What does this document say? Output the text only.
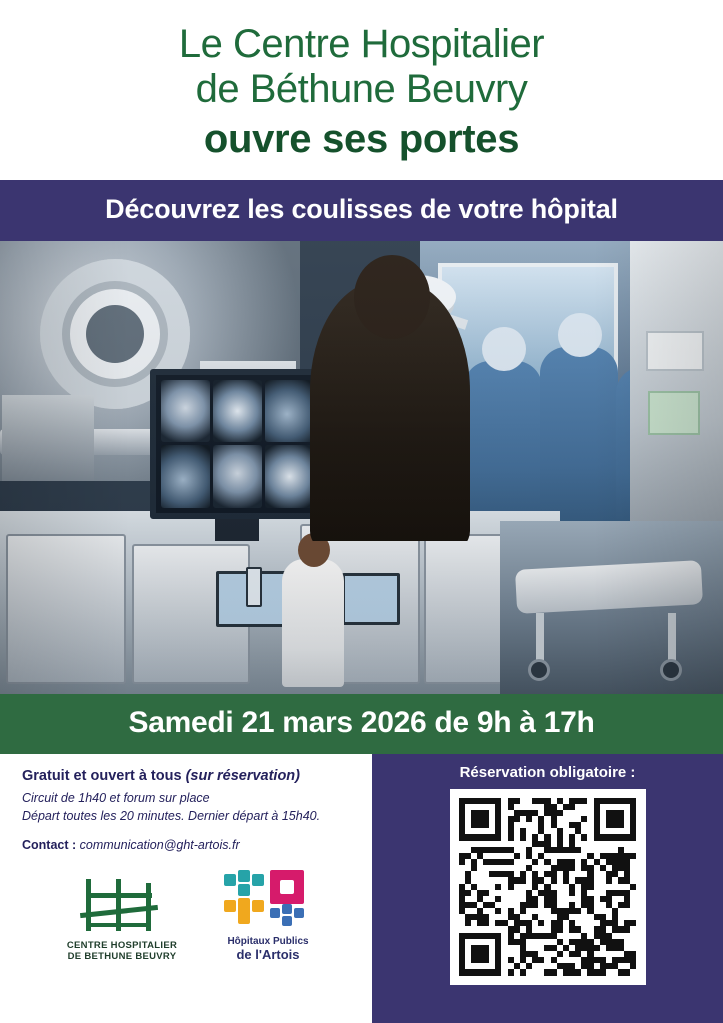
Le Centre Hospitalier
de Béthune Beuvry
ouvre ses portes
Découvrez les coulisses de votre hôpital
Samedi 21 mars 2026 de 9h à 17h
Gratuit et ouvert à tous (sur réservation)
Circuit de 1h40 et forum sur place
Départ toutes les 20 minutes. Dernier départ à 15h40.
Contact : communication@ght-artois.fr
CENTRE HOSPITALIER
DE BETHUNE BEUVRY
Hôpitaux Publics
de l'Artois
Réservation obligatoire :
